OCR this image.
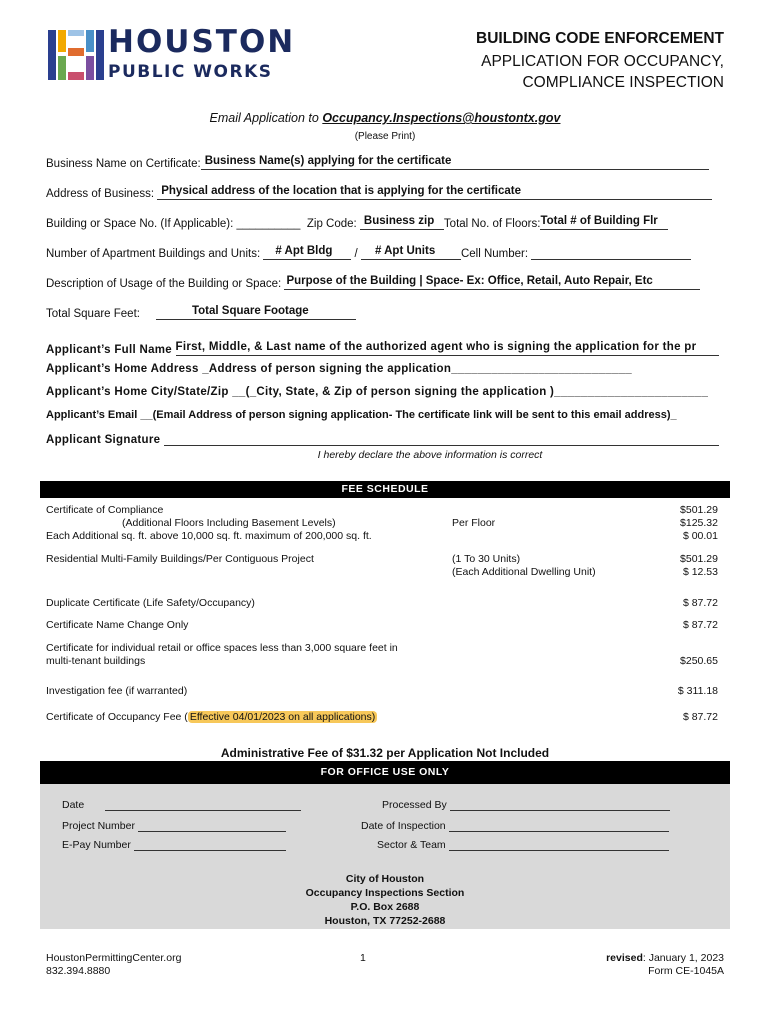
HOUSTON
PUBLIC WORKS
BUILDING CODE ENFORCEMENT
APPLICATION FOR OCCUPANCY,
COMPLIANCE INSPECTION
Email Application to Occupancy.Inspections@houstontx.gov
(Please Print)
Business Name on Certificate: Business Name(s) applying for the certificate
Address of Business: Physical address of the location that is applying for the certificate
Building or Space No. (If Applicable): __________ Zip Code: Business zip Total No. of Floors: Total # of Building Flr
Number of Apartment Buildings and Units: # Apt Bldg / # Apt Units Cell Number:
Description of Usage of the Building or Space: Purpose of the Building | Space- Ex: Office, Retail, Auto Repair, Etc
Total Square Feet:	Total Square Footage
Applicant’s Full Name First, Middle, & Last name of the authorized agent who is signing the application for the pr
Applicant’s Home Address _Address of person signing the application___________________________
Applicant’s Home City/State/Zip __(_City, State, & Zip of person signing the application )_______________________
Applicant’s Email __(Email Address of person signing application- The certificate link will be sent to this email address)_
Applicant Signature
I hereby declare the above information is correct
FEE SCHEDULE
Certificate of Compliance	$501.29
(Additional Floors Including Basement Levels)	Per Floor	$125.32
Each Additional sq. ft. above 10,000 sq. ft. maximum of 200,000 sq. ft.	$ 00.01
Residential Multi-Family Buildings/Per Contiguous Project	(1 To 30 Units)	$501.29
(Each Additional Dwelling Unit)	$ 12.53
Duplicate Certificate (Life Safety/Occupancy)	$ 87.72
Certificate Name Change Only	$ 87.72
Certificate for individual retail or office spaces less than 3,000 square feet in
multi-tenant buildings	$250.65
Investigation fee (if warranted)	$ 311.18
Certificate of Occupancy Fee ( Effective 04/01/2023 on all applications)	$ 87.72
Administrative Fee of $31.32 per Application Not Included
FOR OFFICE USE ONLY
Date
Project Number
E-Pay Number
Processed By
Date of Inspection
Sector & Team
City of Houston
Occupancy Inspections Section
P.O. Box 2688
Houston, TX 77252-2688
HoustonPermittingCenter.org
832.394.8880
1	revised: January 1, 2023
Form CE-1045A
